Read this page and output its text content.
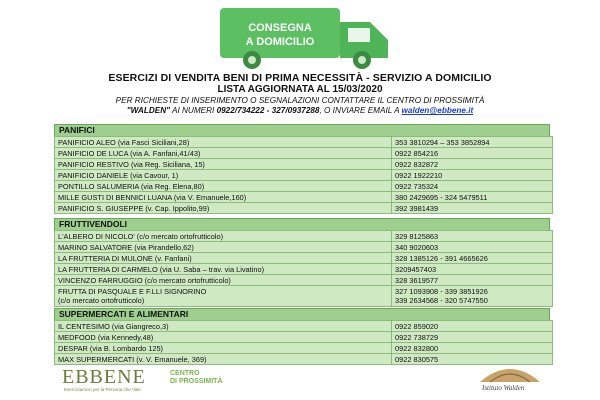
CONSEGNA
A DOMICILIO
ESERCIZI DI VENDITA BENI DI PRIMA NECESSITÀ - SERVIZIO A DOMICILIO
LISTA AGGIORNATA AL 15/03/2020
PER RICHIESTE DI INSERIMENTO O SEGNALAZIONI CONTATTARE IL CENTRO DI PROSSIMITÀ
"WALDEN" AI NUMERI 0922/734222 - 327/0937288, O INVIARE EMAIL A walden@ebbene.it
PANIFICI
PANIFICIO ALEO (via Fasci Siciliani,28)	353 3810294 – 353 3852894
PANIFICIO DE LUCA (via A. Fanfani,41/43)	0922 854216
PANIFICIO RESTIVO (via Reg. Siciliana, 15)	0922 832872
PANIFICIO DANIELE (via Cavour, 1)	0922 1922210
PONTILLO SALUMERIA (via Reg. Elena,80)	0922 735324
MILLE GUSTI DI BENNICI LUANA (via V. Emanuele,160)	380 2429695 - 324 5479511
PANIFICIO S. GIUSEPPE (v. Cap. Ippolito,99)	392 3981439
FRUTTIVENDOLI
L'ALBERO DI NICOLO' (c/o mercato ortofrutticolo)	329 8125863
MARINO SALVATORE (via Pirandello,62)	340 9020603
LA FRUTTERIA DI MULONE (v. Fanfani)	328 1385126 - 391 4665626
LA FRUTTERIA DI CARMELO (via U. Saba – trav. via Livatino)	3209457403
VINCENZO FARRUGGIO (c/o mercato ortofrutticolo)	328 3619577

FRUTTA DI PASQUALE E F.LLI SIGNORINO
(c/o mercato ortofrutticolo)	327 1093908 - 339 3851926
339 2634568 - 320 5747550
SUPERMERCATI E ALIMENTARI
IL CENTESIMO (via Giangreco,3)	0922 859020
MEDFOOD (via Kennedy,48)	0922 738729
DESPAR (via B. Lombardo 125)	0922 832800
MAX SUPERMERCATI (v. V. Emanuele, 369)	0922 830575
EBBENE
Eserciziamoci per la Persona che Vale
CENTRO
DI PROSSIMITÀ
Istituto Walden
